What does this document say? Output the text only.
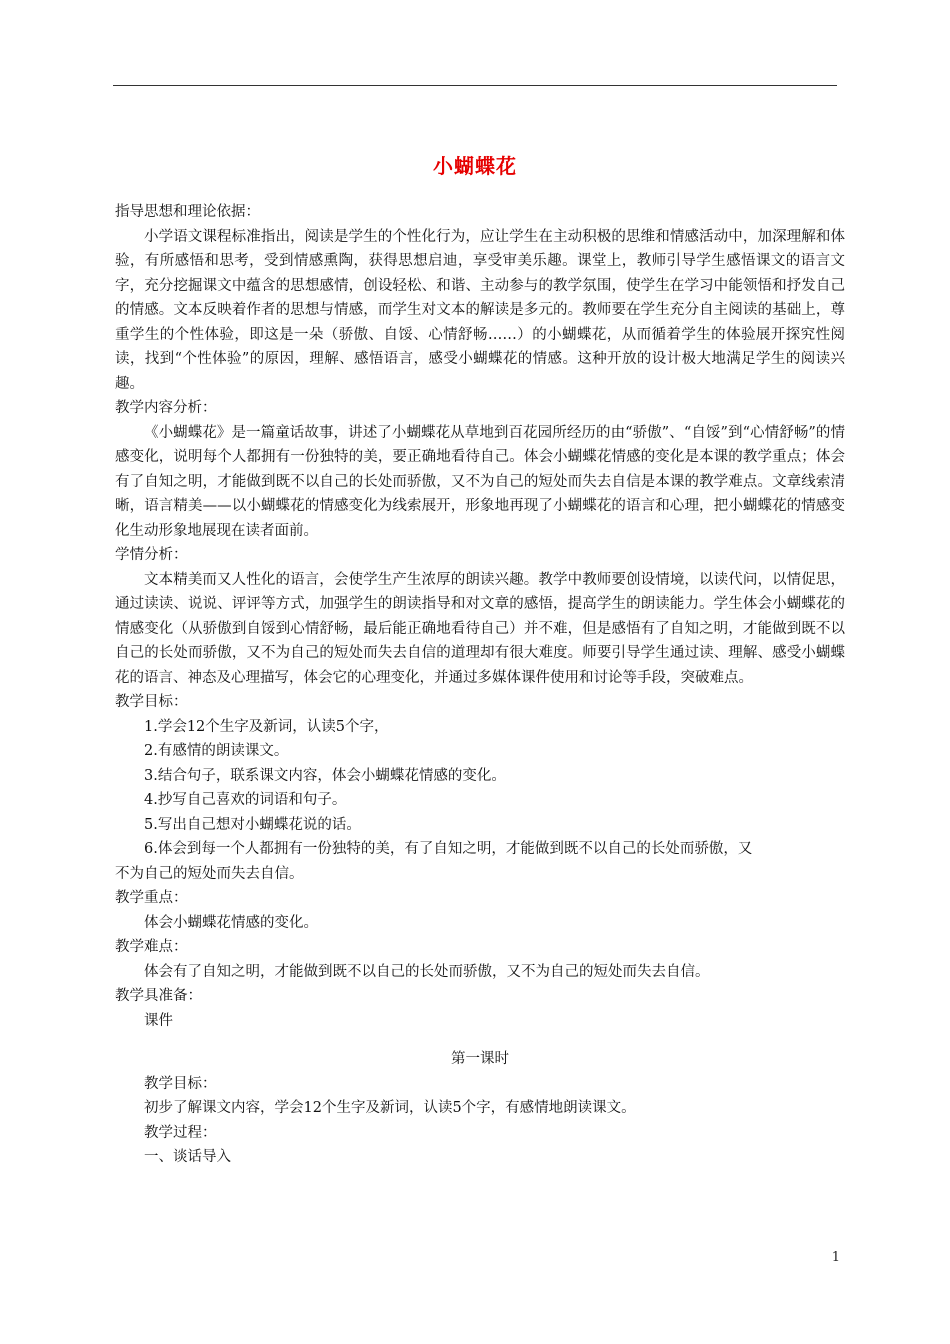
小蝴蝶花

指导思想和理论依据：

小学语文课程标准指出，阅读是学生的个性化行为，应让学生在主动积极的思维和情感活动中，加深理解和体验，有所感悟和思考，受到情感熏陶，获得思想启迪，享受审美乐趣。课堂上，教师引导学生感悟课文的语言文字，充分挖掘课文中蕴含的思想感情，创设轻松、和谐、主动参与的教学氛围，使学生在学习中能领悟和抒发自己的情感。文本反映着作者的思想与情感，而学生对文本的解读是多元的。教师要在学生充分自主阅读的基础上，尊重学生的个性体验，即这是一朵（骄傲、自馁、心情舒畅……）的小蝴蝶花，从而循着学生的体验展开探究性阅读，找到“个性体验”的原因，理解、感悟语言，感受小蝴蝶花的情感。这种开放的设计极大地满足学生的阅读兴趣。

教学内容分析：

《小蝴蝶花》是一篇童话故事，讲述了小蝴蝶花从草地到百花园所经历的由“骄傲”、“自馁”到“心情舒畅”的情感变化，说明每个人都拥有一份独特的美，要正确地看待自己。体会小蝴蝶花情感的变化是本课的教学重点；体会有了自知之明，才能做到既不以自己的长处而骄傲，又不为自己的短处而失去自信是本课的教学难点。文章线索清晰，语言精美——以小蝴蝶花的情感变化为线索展开，形象地再现了小蝴蝶花的语言和心理，把小蝴蝶花的情感变化生动形象地展现在读者面前。

学情分析：

文本精美而又人性化的语言，会使学生产生浓厚的朗读兴趣。教学中教师要创设情境，以读代问，以情促思，通过读读、说说、评评等方式，加强学生的朗读指导和对文章的感悟，提高学生的朗读能力。学生体会小蝴蝶花的情感变化（从骄傲到自馁到心情舒畅，最后能正确地看待自己）并不难，但是感悟有了自知之明，才能做到既不以自己的长处而骄傲，又不为自己的短处而失去自信的道理却有很大难度。师要引导学生通过读、理解、感受小蝴蝶花的语言、神态及心理描写，体会它的心理变化，并通过多媒体课件使用和讨论等手段，突破难点。

教学目标：

1.学会12个生字及新词，认读5个字，

2.有感情的朗读课文。

3.结合句子，联系课文内容，体会小蝴蝶花情感的变化。

4.抄写自己喜欢的词语和句子。

5.写出自己想对小蝴蝶花说的话。

6.体会到每一个人都拥有一份独特的美，有了自知之明，才能做到既不以自己的长处而骄傲，又

不为自己的短处而失去自信。

教学重点：

体会小蝴蝶花情感的变化。

教学难点：

体会有了自知之明，才能做到既不以自己的长处而骄傲，又不为自己的短处而失去自信。

教学具准备：

课件

第一课时

教学目标：

初步了解课文内容，学会12个生字及新词，认读5个字，有感情地朗读课文。

教学过程：

一、谈话导入

1
